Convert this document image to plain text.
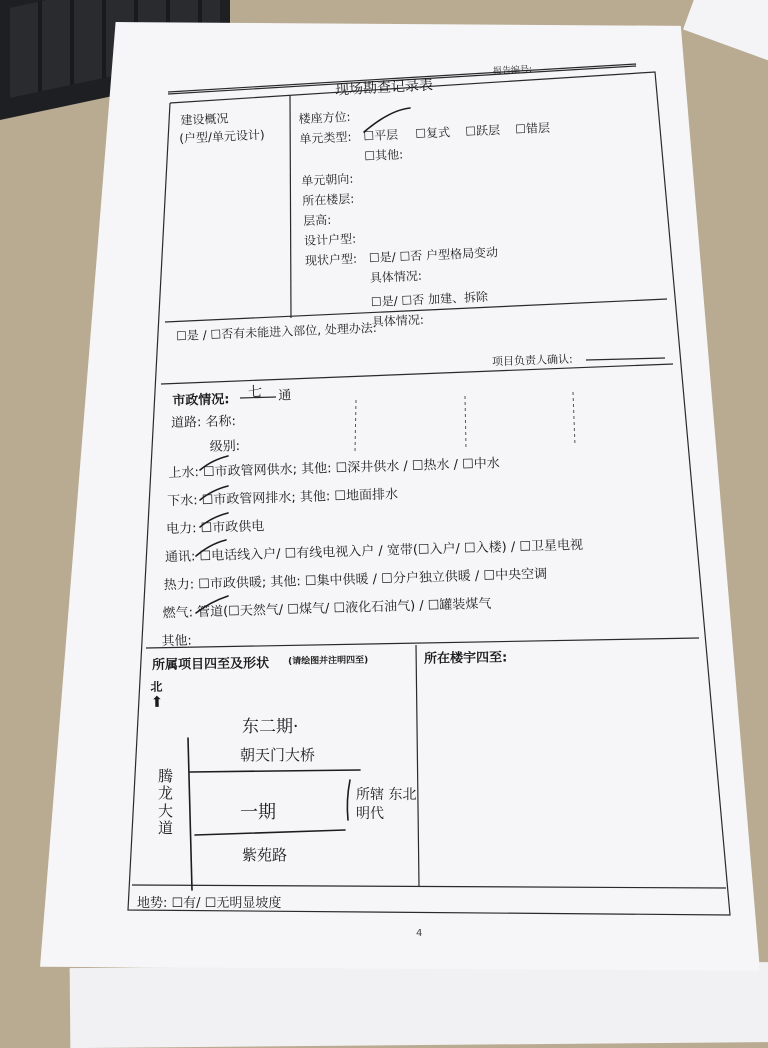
现场勘查记录表
报告编号:
建设概况
(户型/单元设计)
楼座方位:
单元类型: ☐平层 ☐复式 ☐跃层 ☐错层
☐其他:
单元朝向:
所在楼层:
层高:
设计户型:
现状户型: ☐是/ ☐否 户型格局变动
具体情况:
☐是/ ☐否 加建、拆除
具体情况:
☐是 / ☐否有未能进入部位, 处理办法:
项目负责人确认:
市政情况: 七 通
道路: 名称:
级别:
上水: ☐市政管网供水; 其他: ☐深井供水 / ☐热水 / ☐中水
下水: ☐市政管网排水; 其他: ☐地面排水
电力: ☐市政供电
通讯: ☐电话线入户/ ☐有线电视入户 / 宽带(☐入户/ ☐入楼) / ☐卫星电视
热力: ☐市政供暖; 其他: ☐集中供暖 / ☐分户独立供暖 / ☐中央空调
燃气: 管道(☐天然气/ ☐煤气/ ☐液化石油气) / ☐罐装煤气
其他:
所属项目四至及形状 (请绘图并注明四至)	所在楼宇四至:
北
⬆
东二期·
朝天门大桥
一期
所辖 东北明代
紫苑路
腾龙大道
地势: ☐有/ ☐无明显坡度
4
